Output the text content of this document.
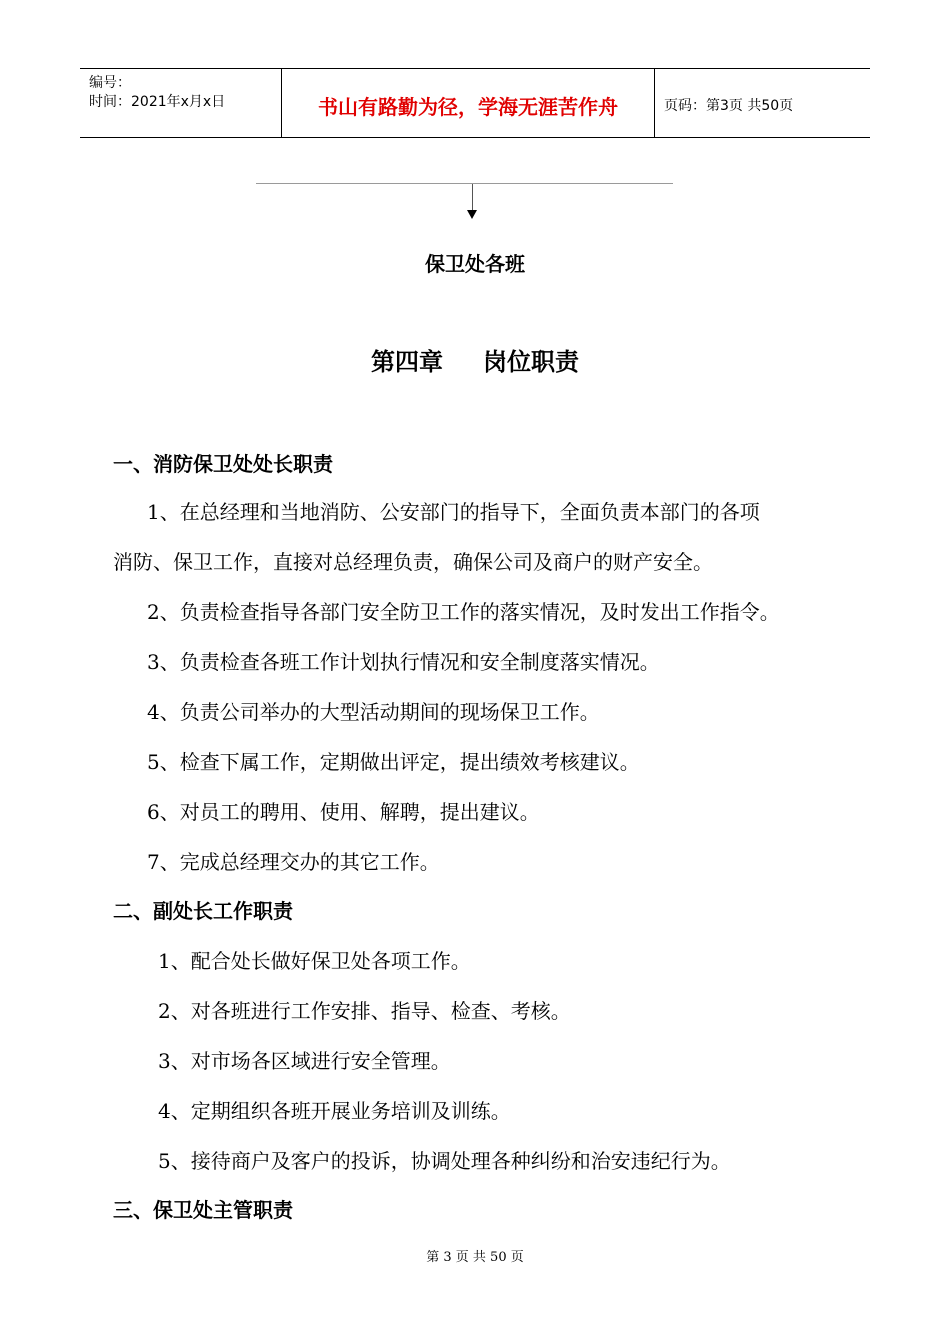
编号：
时间：2021年x月x日	书山有路勤为径，学海无涯苦作舟	页码：第3页 共50页
保卫处各班
第四章 岗位职责
一、消防保卫处处长职责
1、在总经理和当地消防、公安部门的指导下，全面负责本部门的各项
消防、保卫工作，直接对总经理负责，确保公司及商户的财产安全。
2、负责检查指导各部门安全防卫工作的落实情况，及时发出工作指令。
3、负责检查各班工作计划执行情况和安全制度落实情况。
4、负责公司举办的大型活动期间的现场保卫工作。
5、检查下属工作，定期做出评定，提出绩效考核建议。
6、对员工的聘用、使用、解聘，提出建议。
7、完成总经理交办的其它工作。
二、副处长工作职责
1、配合处长做好保卫处各项工作。
2、对各班进行工作安排、指导、检查、考核。
3、对市场各区域进行安全管理。
4、定期组织各班开展业务培训及训练。
5、接待商户及客户的投诉，协调处理各种纠纷和治安违纪行为。
三、保卫处主管职责
第 3 页 共 50 页
